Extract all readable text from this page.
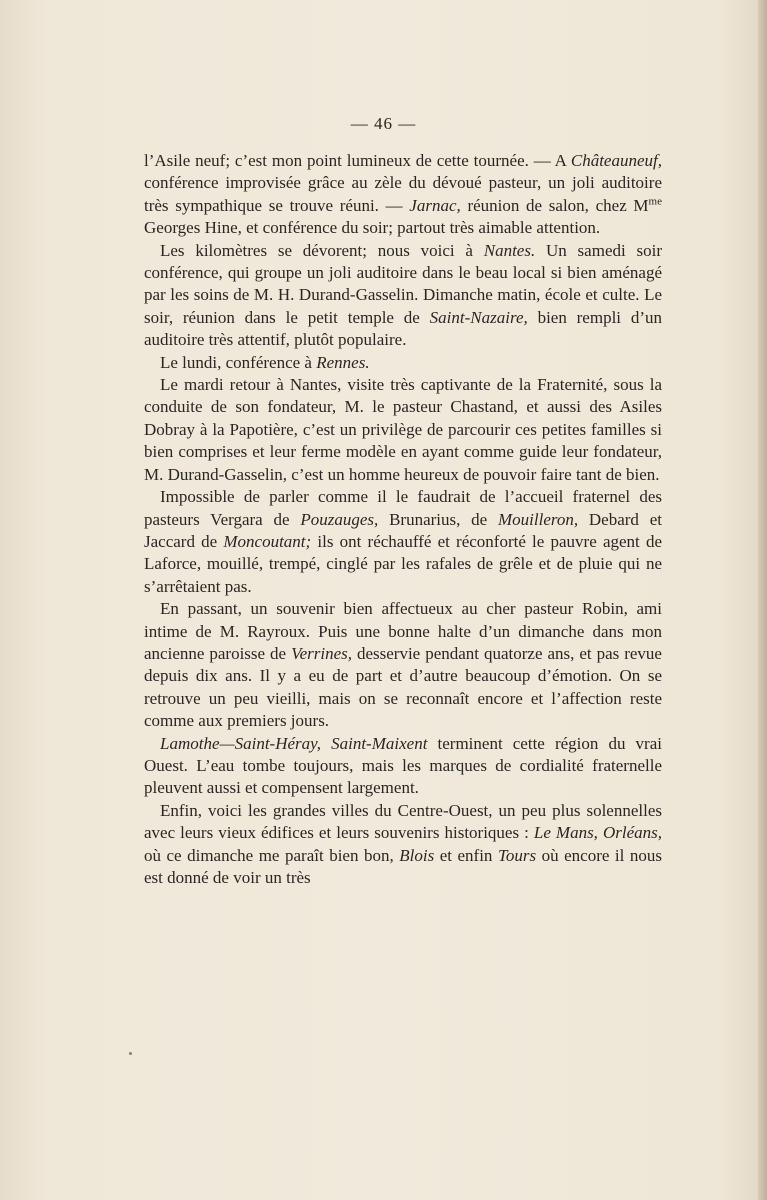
— 46 —

l’Asile neuf; c’est mon point lumineux de cette tournée. — A Châteauneuf, conférence improvisée grâce au zèle du dévoué pasteur, un joli auditoire très sympathique se trouve réuni. — Jarnac, réunion de salon, chez $M^{me}$ Georges Hine, et conférence du soir; partout très aimable attention.

Les kilomètres se dévorent; nous voici à Nantes. Un samedi soir conférence, qui groupe un joli auditoire dans le beau local si bien aménagé par les soins de M. H. Durand-Gasselin. Dimanche matin, école et culte. Le soir, réunion dans le petit temple de Saint-Nazaire, bien rempli d’un auditoire très attentif, plutôt populaire.

Le lundi, conférence à Rennes.

Le mardi retour à Nantes, visite très captivante de la Fraternité, sous la conduite de son fondateur, M. le pasteur Chastand, et aussi des Asiles Dobray à la Papotière, c’est un privilège de parcourir ces petites familles si bien comprises et leur ferme modèle en ayant comme guide leur fondateur, M. Durand-Gasselin, c’est un homme heureux de pouvoir faire tant de bien.

Impossible de parler comme il le faudrait de l’accueil fraternel des pasteurs Vergara de Pouzauges, Brunarius, de Mouilleron, Debard et Jaccard de Moncoutant; ils ont réchauffé et réconforté le pauvre agent de Laforce, mouillé, trempé, cinglé par les rafales de grêle et de pluie qui ne s’arrêtaient pas.

En passant, un souvenir bien affectueux au cher pasteur Robin, ami intime de M. Rayroux. Puis une bonne halte d’un dimanche dans mon ancienne paroisse de Verrines, desservie pendant quatorze ans, et pas revue depuis dix ans. Il y a eu de part et d’autre beaucoup d’émotion. On se retrouve un peu vieilli, mais on se reconnaît encore et l’affection reste comme aux premiers jours.

Lamothe—Saint-Héray, Saint-Maixent terminent cette région du vrai Ouest. L’eau tombe toujours, mais les marques de cordialité fraternelle pleuvent aussi et compensent largement.

Enfin, voici les grandes villes du Centre-Ouest, un peu plus solennelles avec leurs vieux édifices et leurs souvenirs historiques : Le Mans, Orléans, où ce dimanche me paraît bien bon, Blois et enfin Tours où encore il nous est donné de voir un très
